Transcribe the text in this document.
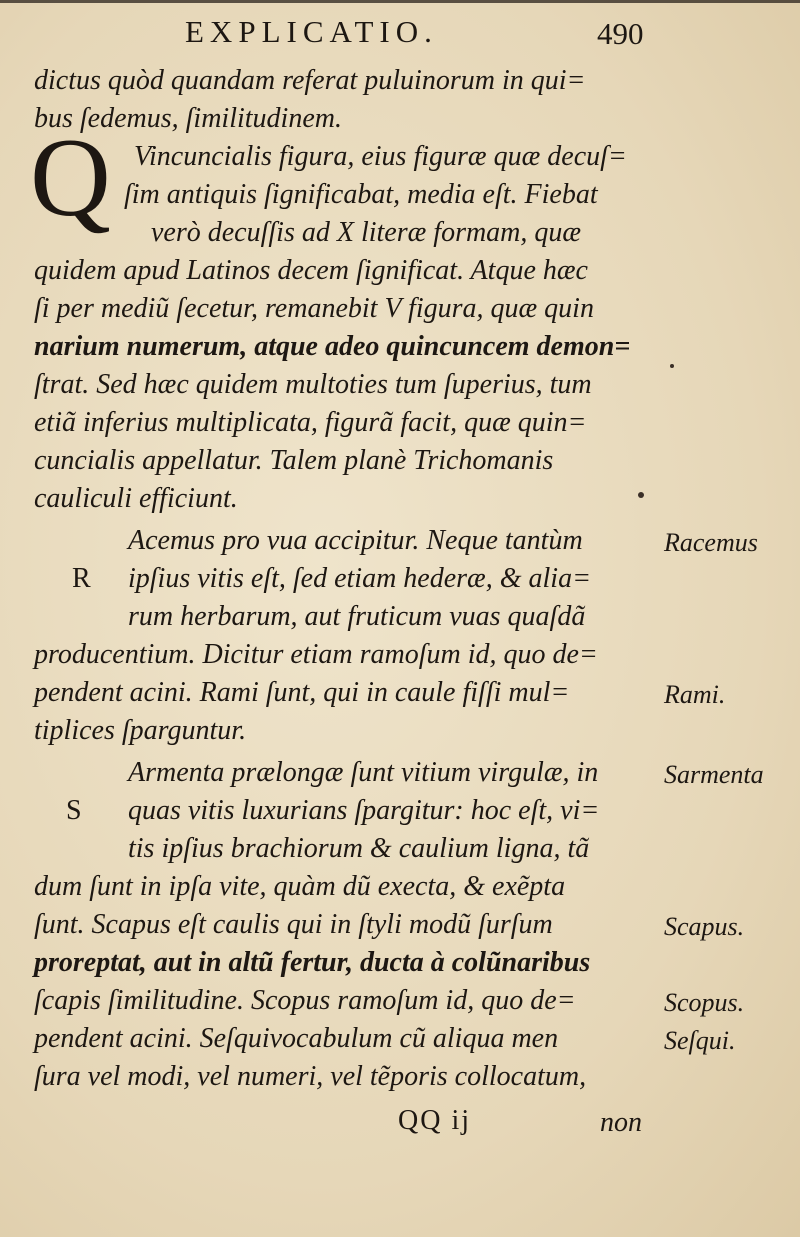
EXPLICATIO.	490
Q
dictus quòd quandam referat puluinorum in qui=
bus ſedemus, ſimilitudinem.
Vincuncialis figura, eius figuræ quæ decuſ=
ſim antiquis ſignificabat, media eſt. Fiebat
verò decuſſis ad X literæ formam, quæ
quidem apud Latinos decem ſignificat. Atque hæc
ſi per mediũ ſecetur, remanebit V figura, quæ quin
narium numerum, atque adeo quincuncem demon=
ſtrat. Sed hæc quidem multoties tum ſuperius, tum
etiã inferius multiplicata, figurã facit, quæ quin=
cuncialis appellatur. Talem planè Trichomanis
cauliculi efficiunt.
Acemus pro vua accipitur. Neque tantùm
R ipſius vitis eſt, ſed etiam hederæ, & alia=
rum herbarum, aut fruticum vuas quaſdã
producentium. Dicitur etiam ramoſum id, quo de=
pendent acini. Rami ſunt, qui in caule fiſſi mul=
tiplices ſparguntur.
Armenta prælongæ ſunt vitium virgulæ, in
S quas vitis luxurians ſpargitur: hoc eſt, vi=
tis ipſius brachiorum & caulium ligna, tã
dum ſunt in ipſa vite, quàm dũ execta, & exẽpta
ſunt. Scapus eſt caulis qui in ſtyli modũ ſurſum
proreptat, aut in altũ fertur, ducta à colũnaribus
ſcapis ſimilitudine. Scopus ramoſum id, quo de=
pendent acini. Seſquivocabulum cũ aliqua men
ſura vel modi, vel numeri, vel tẽporis collocatum,
Racemus
Rami.
Sarmenta
Scapus.
Scopus.
Seſqui.
QQ ij	non
